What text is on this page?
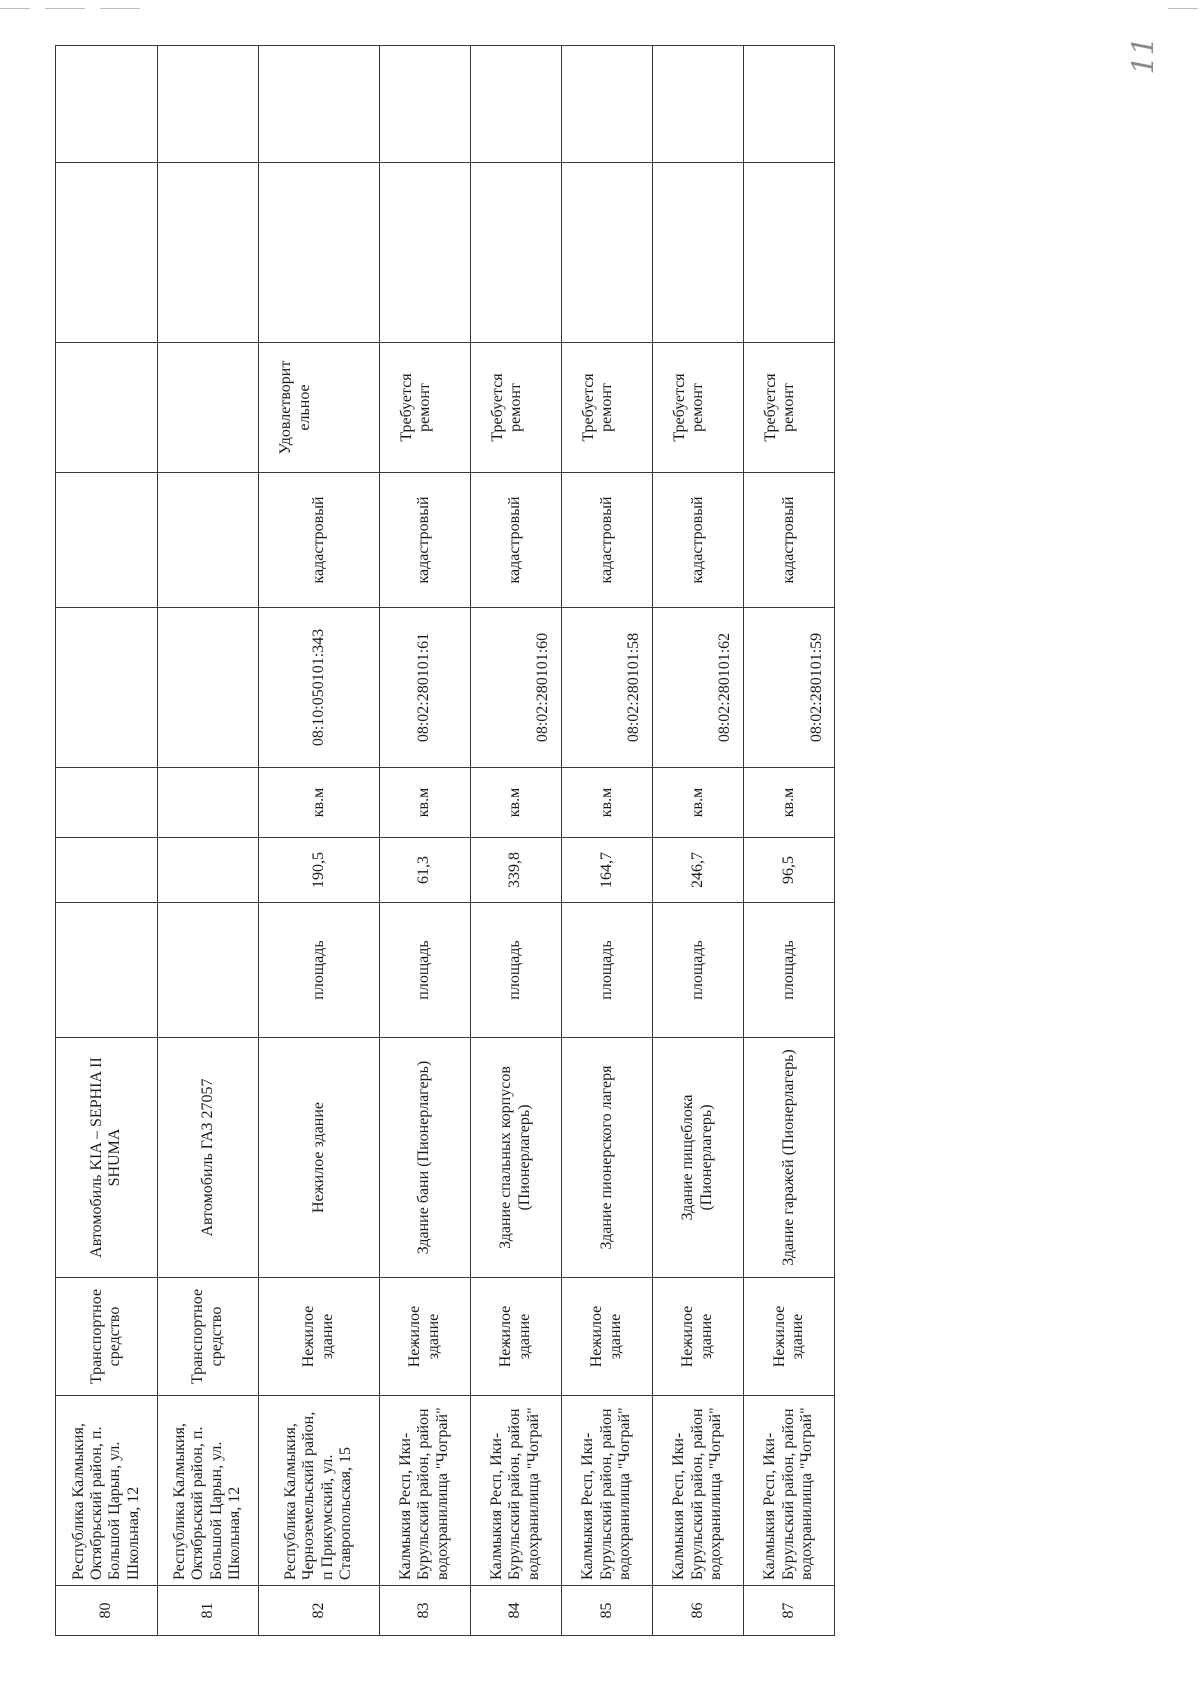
11
80	Республика Калмыкия, Октябрьский район, п. Большой Царын, ул. Школьная, 12	Транспортное средство	Автомобиль KIA – SEPHIA II SHUMA								
81	Республика Калмыкия, Октябрьский район, п. Большой Царын, ул. Школьная, 12	Транспортное средство	Автомобиль ГАЗ 27057								
82	Республика Калмыкия, Черноземельский район, п Прикумский, ул. Ставропольская, 15	Нежилое здание	Нежилое здание	площадь	190,5	кв.м	08:10:050101:343	кадастровый	Удовлетворит ельное		
83	Калмыкия Респ, Ики-Бурульский район, район водохранилища "Чограй"	Нежилое здание	Здание бани (Пионерлагерь)	площадь	61,3	кв.м	08:02:280101:61	кадастровый	Требуется ремонт		
84	Калмыкия Респ, Ики-Бурульский район, район водохранилища "Чограй"	Нежилое здание	Здание спальных корпусов (Пионерлагерь)	площадь	339,8	кв.м	08:02:280101:60	кадастровый	Требуется ремонт		
85	Калмыкия Респ, Ики-Бурульский район, район водохранилища "Чограй"	Нежилое здание	Здание пионерского лагеря	площадь	164,7	кв.м	08:02:280101:58	кадастровый	Требуется ремонт		
86	Калмыкия Респ, Ики-Бурульский район, район водохранилища "Чограй"	Нежилое здание	Здание пищеблока (Пионерлагерь)	площадь	246,7	кв.м	08:02:280101:62	кадастровый	Требуется ремонт		
87	Калмыкия Респ, Ики-Бурульский район, район водохранилища "Чограй"	Нежилое здание	Здание гаражей (Пионерлагерь)	площадь	96,5	кв.м	08:02:280101:59	кадастровый	Требуется ремонт		
